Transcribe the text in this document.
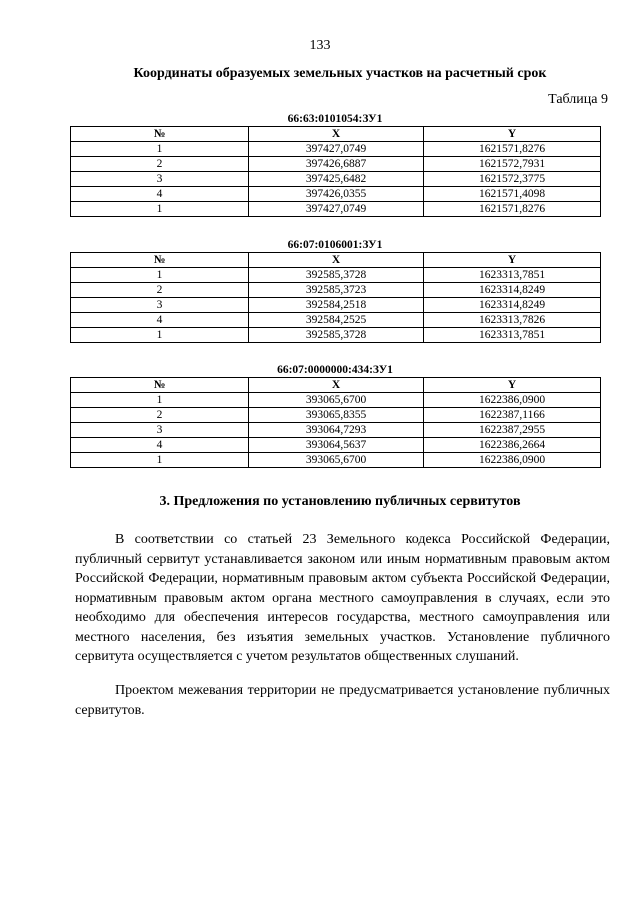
133
Координаты образуемых земельных участков на расчетный срок
Таблица 9
66:63:0101054:ЗУ1
№	X	Y
1	397427,0749	1621571,8276
2	397426,6887	1621572,7931
3	397425,6482	1621572,3775
4	397426,0355	1621571,4098
1	397427,0749	1621571,8276
66:07:0106001:ЗУ1
№	X	Y
1	392585,3728	1623313,7851
2	392585,3723	1623314,8249
3	392584,2518	1623314,8249
4	392584,2525	1623313,7826
1	392585,3728	1623313,7851
66:07:0000000:434:ЗУ1
№	X	Y
1	393065,6700	1622386,0900
2	393065,8355	1622387,1166
3	393064,7293	1622387,2955
4	393064,5637	1622386,2664
1	393065,6700	1622386,0900
3. Предложения по установлению публичных сервитутов

В соответствии со статьей 23 Земельного кодекса Российской Федерации, публичный сервитут устанавливается законом или иным нормативным правовым актом Российской Федерации, нормативным правовым актом субъекта Российской Федерации, нормативным правовым актом органа местного самоуправления в случаях, если это необходимо для обеспечения интересов государства, местного самоуправления или местного населения, без изъятия земельных участков. Установление публичного сервитута осуществляется с учетом результатов общественных слушаний.

Проектом межевания территории не предусматривается установление публичных сервитутов.
